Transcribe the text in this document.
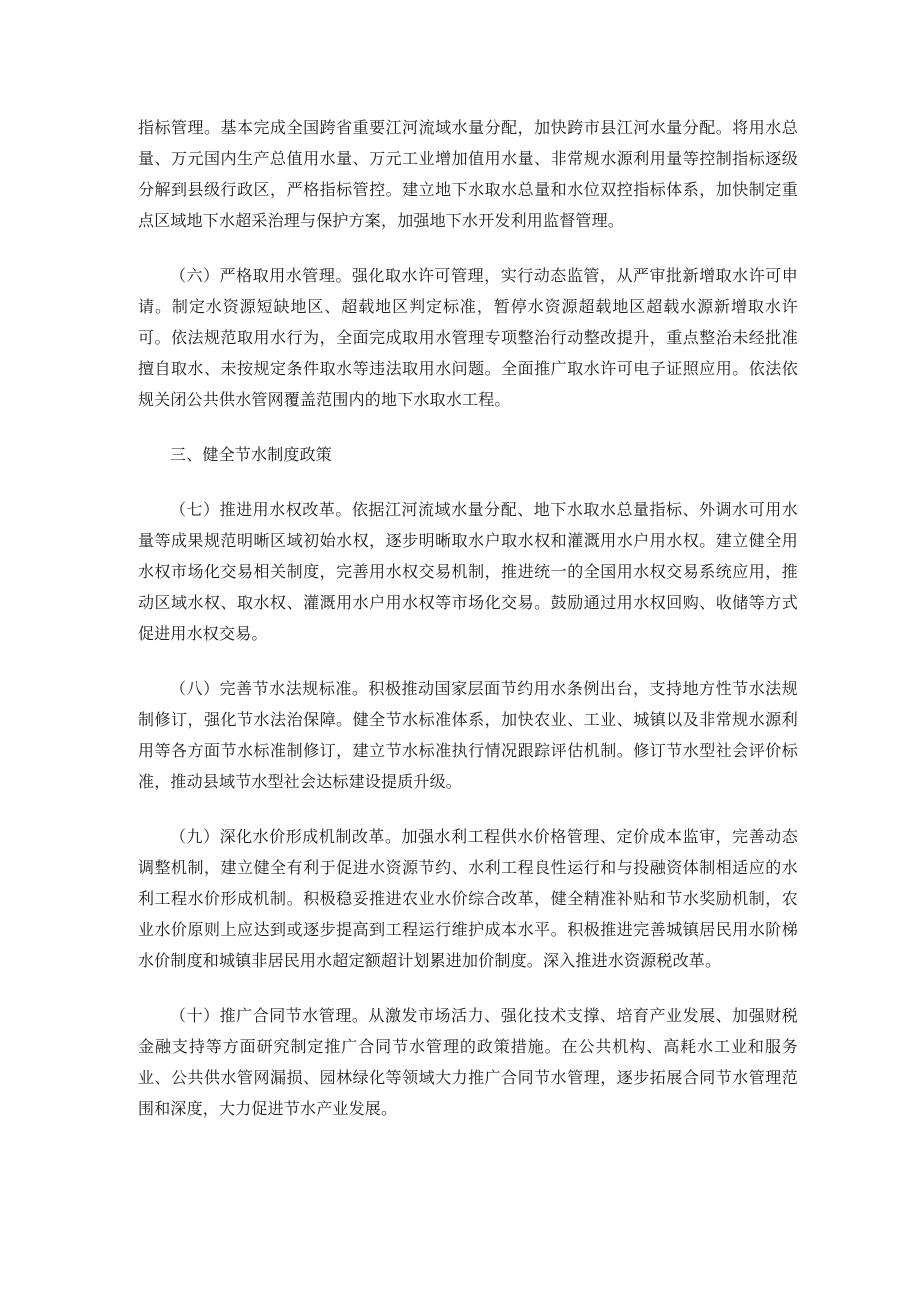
指标管理。基本完成全国跨省重要江河流域水量分配，加快跨市县江河水量分配。将用水总量、万元国内生产总值用水量、万元工业增加值用水量、非常规水源利用量等控制指标逐级分解到县级行政区，严格指标管控。建立地下水取水总量和水位双控指标体系，加快制定重点区域地下水超采治理与保护方案，加强地下水开发利用监督管理。

（六）严格取用水管理。强化取水许可管理，实行动态监管，从严审批新增取水许可申请。制定水资源短缺地区、超载地区判定标准，暂停水资源超载地区超载水源新增取水许可。依法规范取用水行为，全面完成取用水管理专项整治行动整改提升，重点整治未经批准擅自取水、未按规定条件取水等违法取用水问题。全面推广取水许可电子证照应用。依法依规关闭公共供水管网覆盖范围内的地下水取水工程。

三、健全节水制度政策

（七）推进用水权改革。依据江河流域水量分配、地下水取水总量指标、外调水可用水量等成果规范明晰区域初始水权，逐步明晰取水户取水权和灌溉用水户用水权。建立健全用水权市场化交易相关制度，完善用水权交易机制，推进统一的全国用水权交易系统应用，推动区域水权、取水权、灌溉用水户用水权等市场化交易。鼓励通过用水权回购、收储等方式促进用水权交易。

（八）完善节水法规标准。积极推动国家层面节约用水条例出台，支持地方性节水法规制修订，强化节水法治保障。健全节水标准体系，加快农业、工业、城镇以及非常规水源利用等各方面节水标准制修订，建立节水标准执行情况跟踪评估机制。修订节水型社会评价标准，推动县域节水型社会达标建设提质升级。

（九）深化水价形成机制改革。加强水利工程供水价格管理、定价成本监审，完善动态调整机制，建立健全有利于促进水资源节约、水利工程良性运行和与投融资体制相适应的水利工程水价形成机制。积极稳妥推进农业水价综合改革，健全精准补贴和节水奖励机制，农业水价原则上应达到或逐步提高到工程运行维护成本水平。积极推进完善城镇居民用水阶梯水价制度和城镇非居民用水超定额超计划累进加价制度。深入推进水资源税改革。

（十）推广合同节水管理。从激发市场活力、强化技术支撑、培育产业发展、加强财税金融支持等方面研究制定推广合同节水管理的政策措施。在公共机构、高耗水工业和服务业、公共供水管网漏损、园林绿化等领域大力推广合同节水管理，逐步拓展合同节水管理范围和深度，大力促进节水产业发展。
